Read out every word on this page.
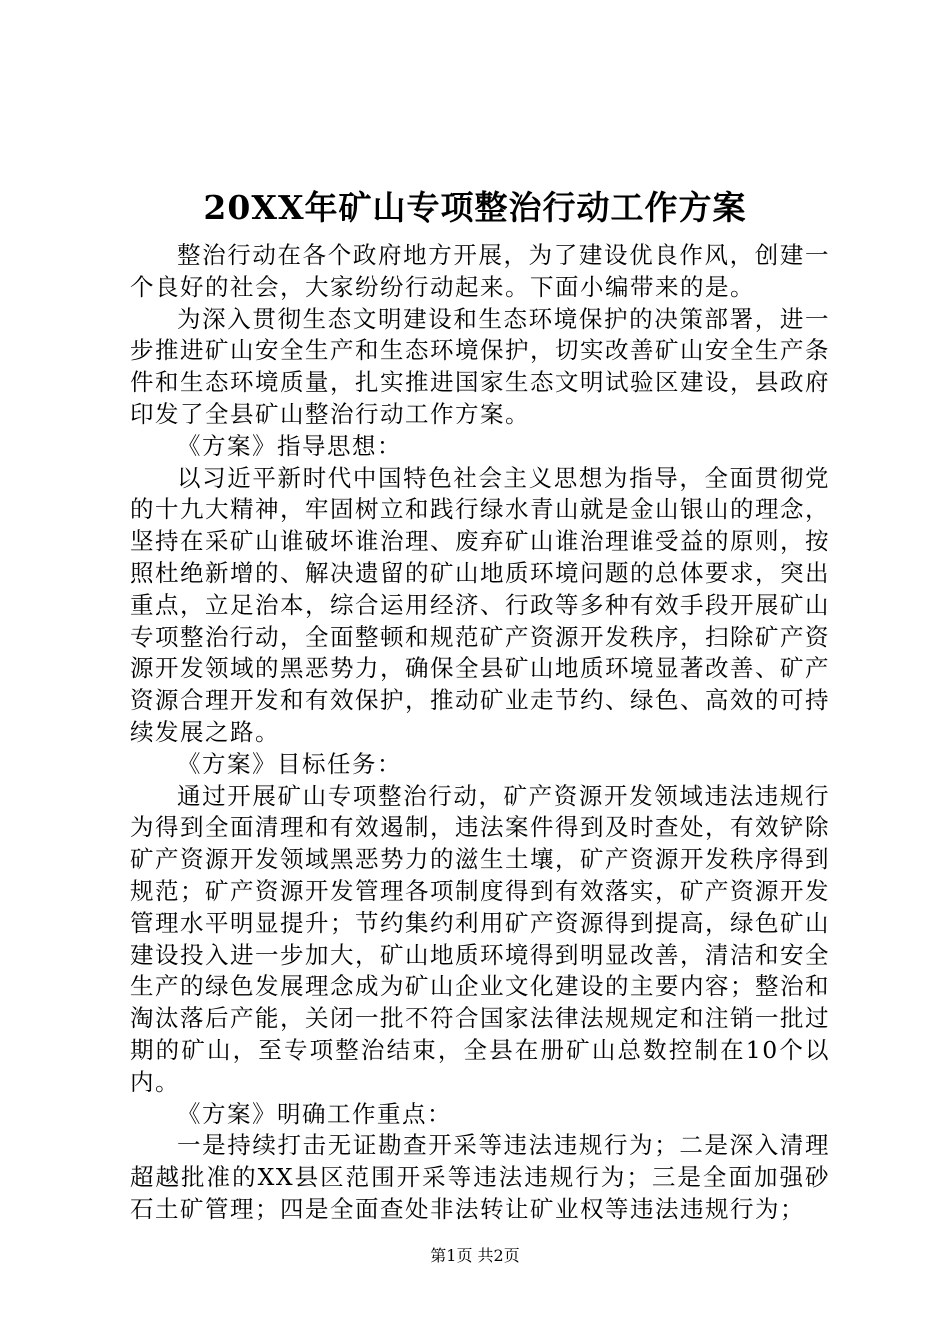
20XX年矿山专项整治行动工作方案

整治行动在各个政府地方开展，为了建设优良作风，创建一个良好的社会，大家纷纷行动起来。下面小编带来的是。

为深入贯彻生态文明建设和生态环境保护的决策部署，进一步推进矿山安全生产和生态环境保护，切实改善矿山安全生产条件和生态环境质量，扎实推进国家生态文明试验区建设，县政府印发了全县矿山整治行动工作方案。

《方案》指导思想：

以习近平新时代中国特色社会主义思想为指导，全面贯彻党的十九大精神，牢固树立和践行绿水青山就是金山银山的理念，坚持在采矿山谁破坏谁治理、废弃矿山谁治理谁受益的原则，按照杜绝新增的、解决遗留的矿山地质环境问题的总体要求，突出重点，立足治本，综合运用经济、行政等多种有效手段开展矿山专项整治行动，全面整顿和规范矿产资源开发秩序，扫除矿产资源开发领域的黑恶势力，确保全县矿山地质环境显著改善、矿产资源合理开发和有效保护，推动矿业走节约、绿色、高效的可持续发展之路。

《方案》目标任务：

通过开展矿山专项整治行动，矿产资源开发领域违法违规行为得到全面清理和有效遏制，违法案件得到及时查处，有效铲除矿产资源开发领域黑恶势力的滋生土壤，矿产资源开发秩序得到规范；矿产资源开发管理各项制度得到有效落实，矿产资源开发管理水平明显提升；节约集约利用矿产资源得到提高，绿色矿山建设投入进一步加大，矿山地质环境得到明显改善，清洁和安全生产的绿色发展理念成为矿山企业文化建设的主要内容；整治和淘汰落后产能，关闭一批不符合国家法律法规规定和注销一批过期的矿山，至专项整治结束，全县在册矿山总数控制在10个以内。

《方案》明确工作重点：

一是持续打击无证勘查开采等违法违规行为；二是深入清理超越批准的XX县区范围开采等违法违规行为；三是全面加强砂石土矿管理；四是全面查处非法转让矿业权等违法违规行为；

第1页 共2页
